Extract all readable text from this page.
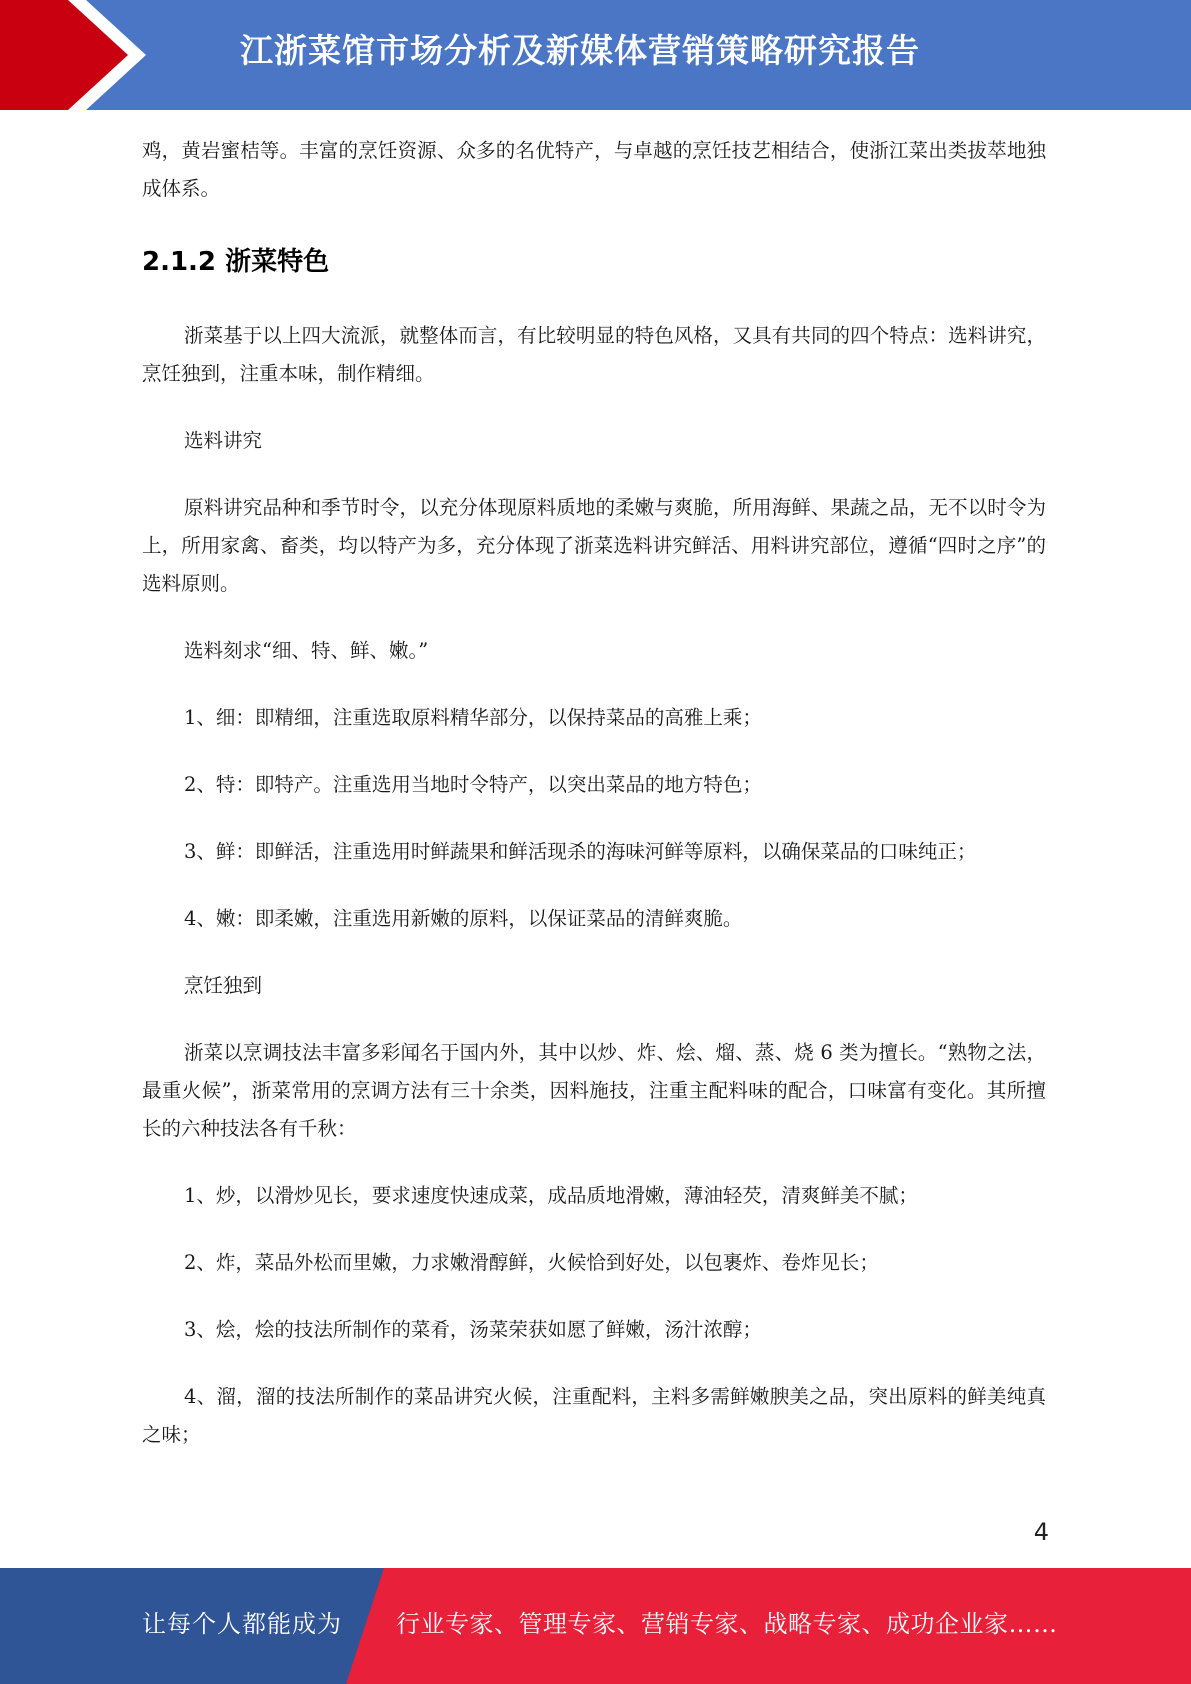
江浙菜馆市场分析及新媒体营销策略研究报告

鸡，黄岩蜜桔等。丰富的烹饪资源、众多的名优特产，与卓越的烹饪技艺相结合，使浙江菜出类拔萃地独成体系。

2.1.2 浙菜特色

浙菜基于以上四大流派，就整体而言，有比较明显的特色风格，又具有共同的四个特点：选料讲究，烹饪独到，注重本味，制作精细。

选料讲究

原料讲究品种和季节时令，以充分体现原料质地的柔嫩与爽脆，所用海鲜、果蔬之品，无不以时令为上，所用家禽、畜类，均以特产为多，充分体现了浙菜选料讲究鲜活、用料讲究部位，遵循“四时之序”的选料原则。

选料刻求“细、特、鲜、嫩。”

1、细：即精细，注重选取原料精华部分，以保持菜品的高雅上乘；

2、特：即特产。注重选用当地时令特产，以突出菜品的地方特色；

3、鲜：即鲜活，注重选用时鲜蔬果和鲜活现杀的海味河鲜等原料，以确保菜品的口味纯正；

4、嫩：即柔嫩，注重选用新嫩的原料，以保证菜品的清鲜爽脆。

烹饪独到

浙菜以烹调技法丰富多彩闻名于国内外，其中以炒、炸、烩、熘、蒸、烧 6 类为擅长。“熟物之法，最重火候”，浙菜常用的烹调方法有三十余类，因料施技，注重主配料味的配合，口味富有变化。其所擅长的六种技法各有千秋：

1、炒，以滑炒见长，要求速度快速成菜，成品质地滑嫩，薄油轻芡，清爽鲜美不腻；

2、炸，菜品外松而里嫩，力求嫩滑醇鲜，火候恰到好处，以包裹炸、卷炸见长；

3、烩，烩的技法所制作的菜肴，汤菜荣获如愿了鲜嫩，汤汁浓醇；

4、溜，溜的技法所制作的菜品讲究火候，注重配料，主料多需鲜嫩腴美之品，突出原料的鲜美纯真之味；

4
让每个人都能成为 行业专家、管理专家、营销专家、战略专家、成功企业家……
